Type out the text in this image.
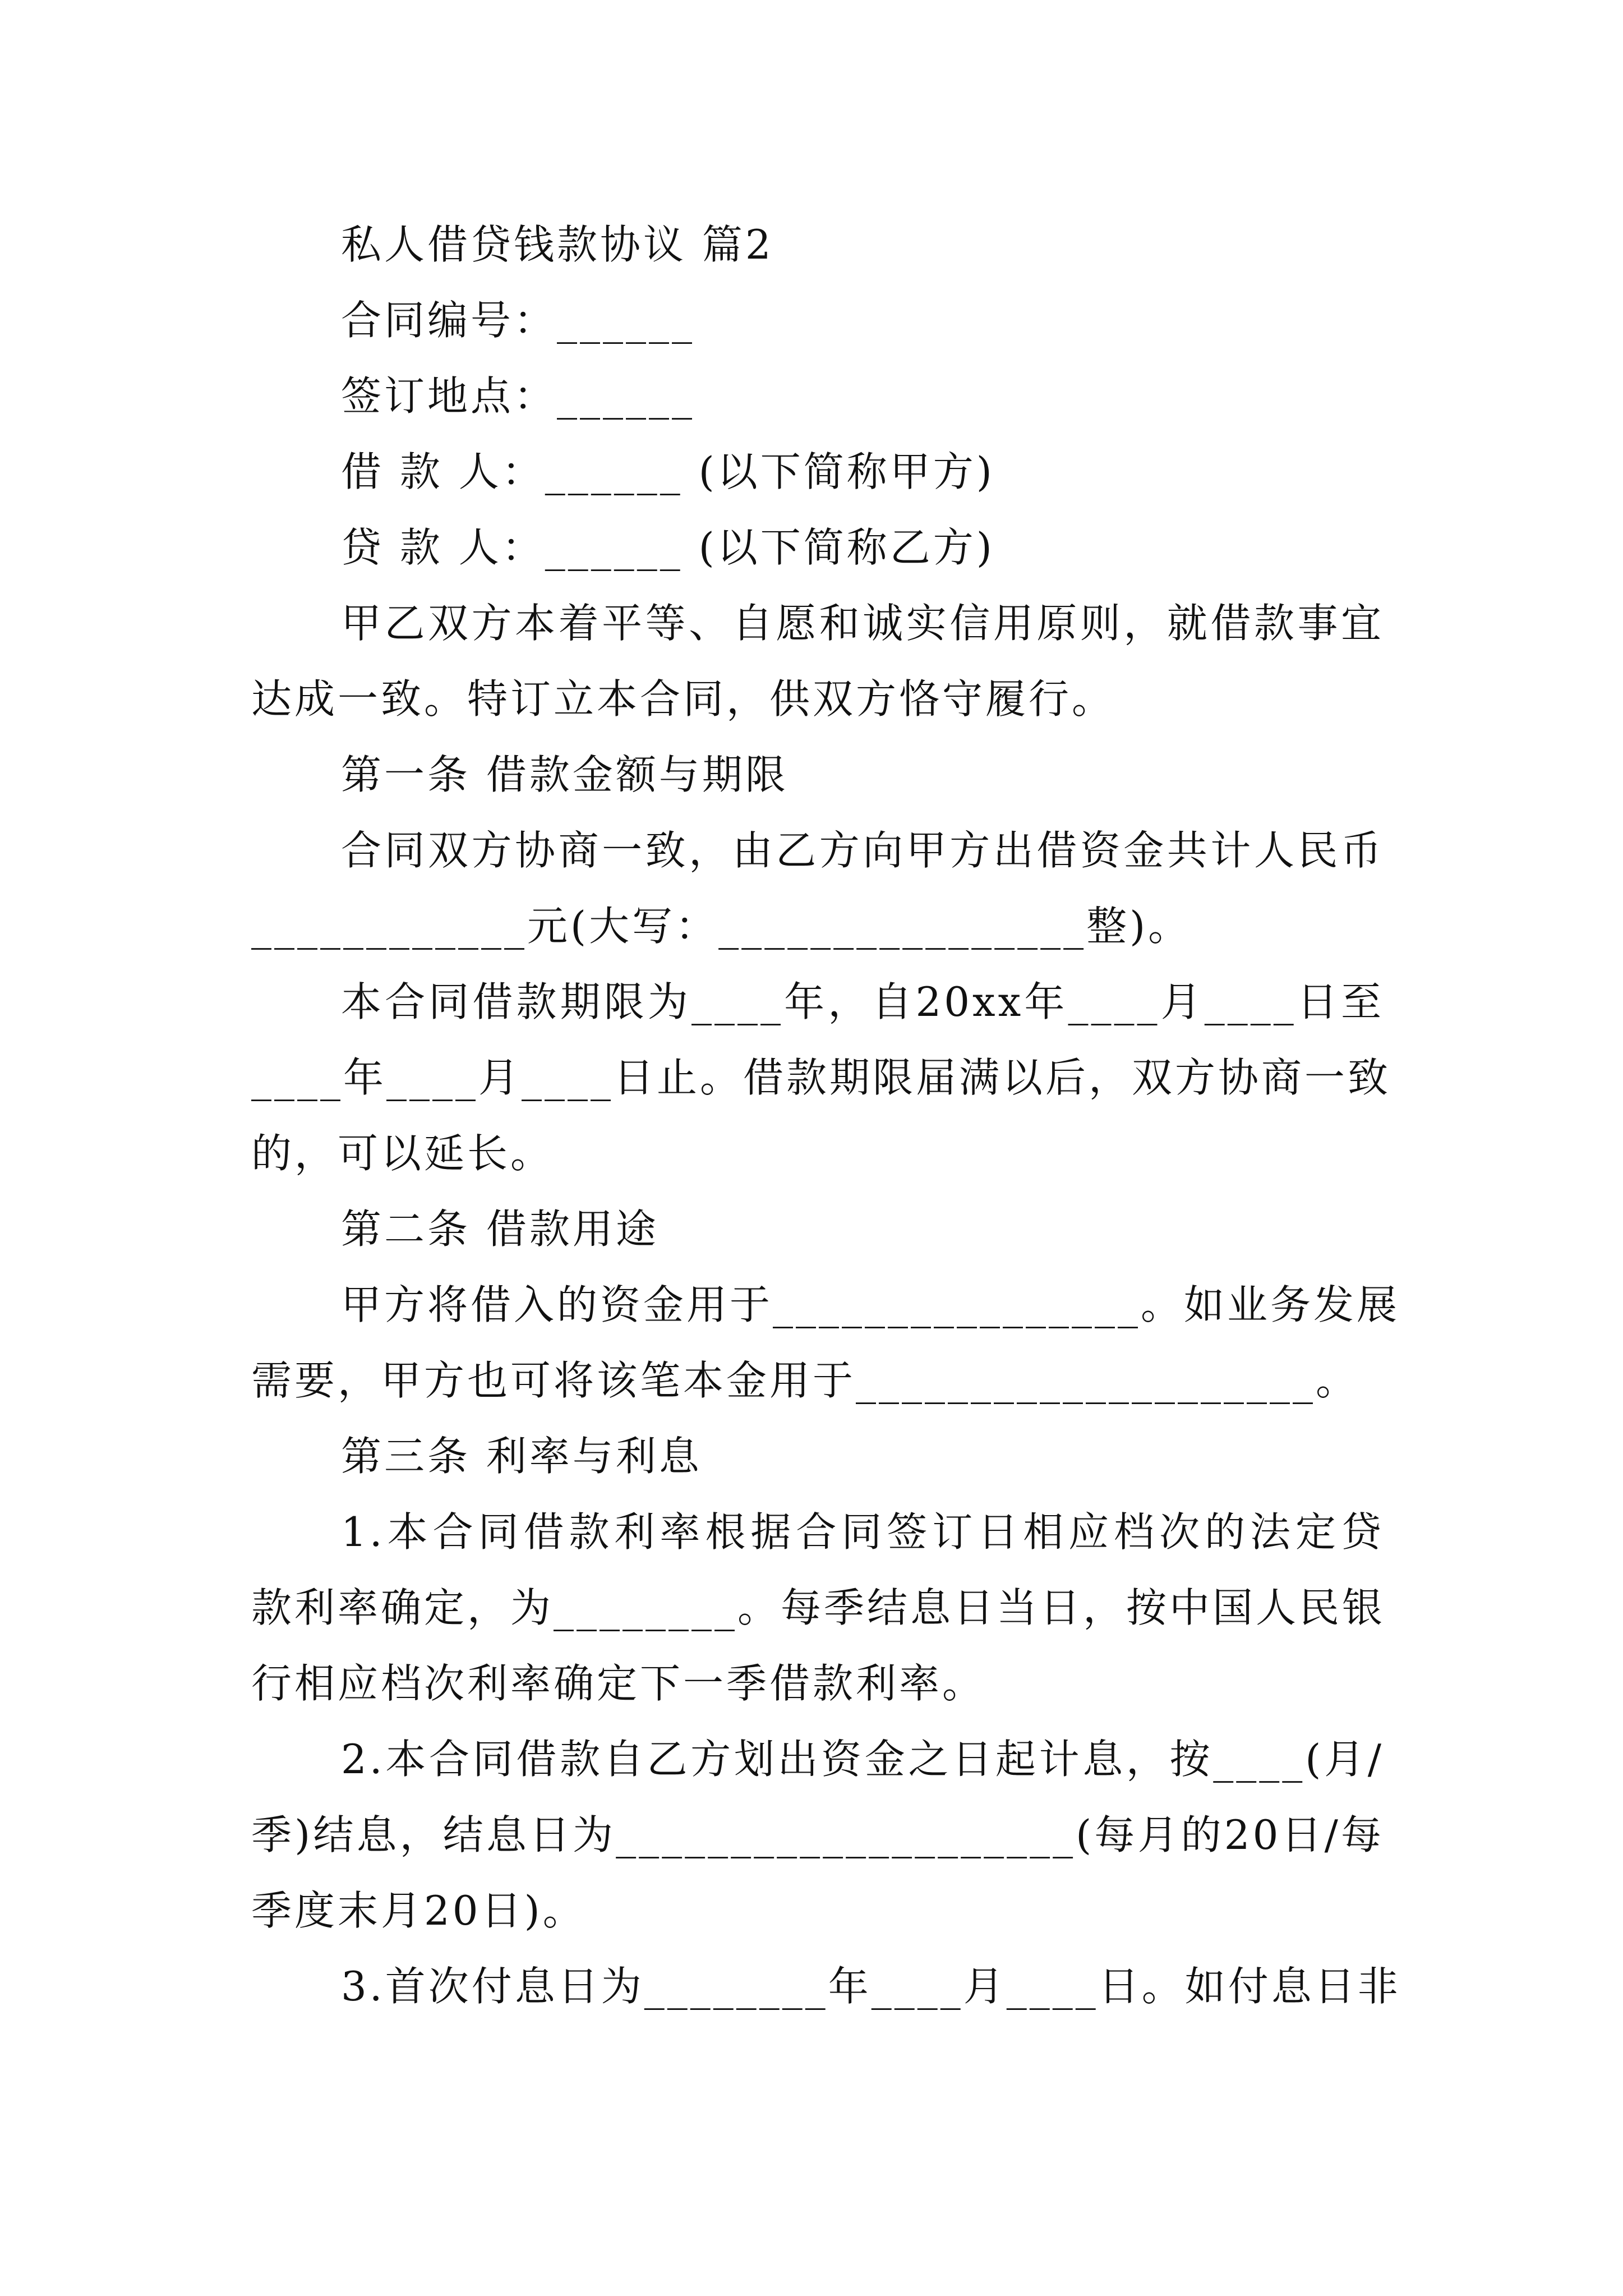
私人借贷钱款协议 篇2
合同编号：______
签订地点：______
借 款 人：______ (以下简称甲方)
贷 款 人：______ (以下简称乙方)
甲乙双方本着平等、自愿和诚实信用原则，就借款事宜
达成一致。特订立本合同，供双方恪守履行。
第一条 借款金额与期限
合同双方协商一致，由乙方向甲方出借资金共计人民币
____________元(大写：________________整)。
本合同借款期限为____年，自20xx年____月____日至
____年____月____日止。借款期限届满以后，双方协商一致
的，可以延长。
第二条 借款用途
甲方将借入的资金用于________________。如业务发展
需要，甲方也可将该笔本金用于____________________。
第三条 利率与利息
1.本合同借款利率根据合同签订日相应档次的法定贷
款利率确定，为________。每季结息日当日，按中国人民银
行相应档次利率确定下一季借款利率。
2.本合同借款自乙方划出资金之日起计息，按____(月/
季)结息，结息日为____________________(每月的20日/每
季度末月20日)。
3.首次付息日为________年____月____日。如付息日非
